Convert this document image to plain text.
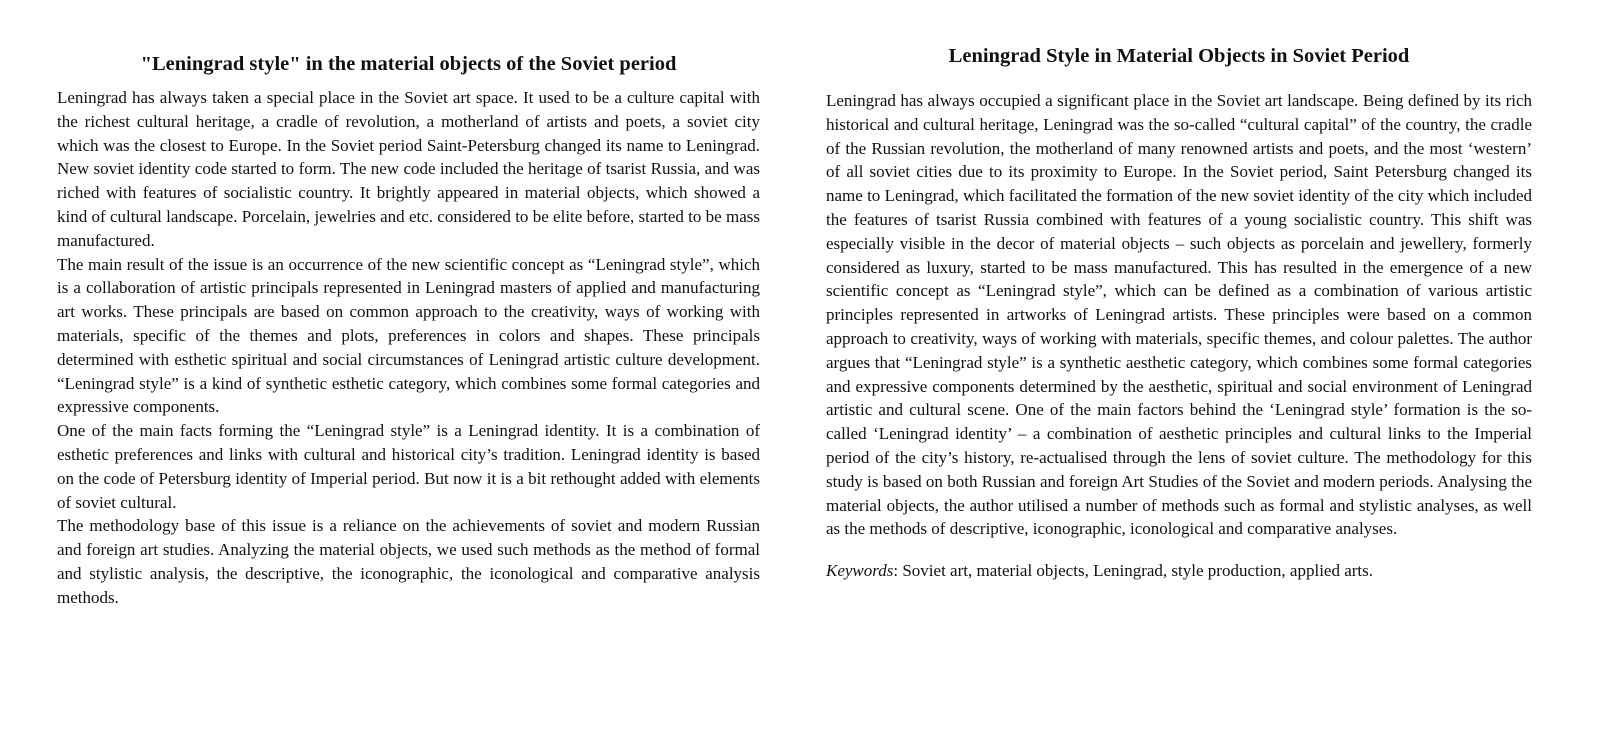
"Leningrad style" in the material objects of the Soviet period

Leningrad has always taken a special place in the Soviet art space. It used to be a culture capital with the richest cultural heritage, a cradle of revolution, a motherland of artists and poets, a soviet city which was the closest to Europe. In the Soviet period Saint-Petersburg changed its name to Leningrad. New soviet identity code started to form. The new code included the heritage of tsarist Russia, and was riched with features of socialistic country. It brightly appeared in material objects, which showed a kind of cultural landscape. Porcelain, jewelries and etc. considered to be elite before, started to be mass manufactured.

The main result of the issue is an occurrence of the new scientific concept as “Leningrad style”, which is a collaboration of artistic principals represented in Leningrad masters of applied and manufacturing art works. These principals are based on common approach to the creativity, ways of working with materials, specific of the themes and plots, preferences in colors and shapes. These principals determined with esthetic spiritual and social circumstances of Leningrad artistic culture development. “Leningrad style” is a kind of synthetic esthetic category, which combines some formal categories and expressive components.

One of the main facts forming the “Leningrad style” is a Leningrad identity. It is a combination of esthetic preferences and links with cultural and historical city’s tradition. Leningrad identity is based on the code of Petersburg identity of Imperial period. But now it is a bit rethought added with elements of soviet cultural.

The methodology base of this issue is a reliance on the achievements of soviet and modern Russian and foreign art studies. Analyzing the material objects, we used such methods as the method of formal and stylistic analysis, the descriptive, the iconographic, the iconological and comparative analysis methods.

Leningrad Style in Material Objects in Soviet Period

Leningrad has always occupied a significant place in the Soviet art landscape. Being defined by its rich historical and cultural heritage, Leningrad was the so-called “cultural capital” of the country, the cradle of the Russian revolution, the motherland of many renowned artists and poets, and the most ‘western’ of all soviet cities due to its proximity to Europe. In the Soviet period, Saint Petersburg changed its name to Leningrad, which facilitated the formation of the new soviet identity of the city which included the features of tsarist Russia combined with features of a young socialistic country. This shift was especially visible in the decor of material objects – such objects as porcelain and jewellery, formerly considered as luxury, started to be mass manufactured. This has resulted in the emergence of a new scientific concept as “Leningrad style”, which can be defined as a combination of various artistic principles represented in artworks of Leningrad artists. These principles were based on a common approach to creativity, ways of working with materials, specific themes, and colour palettes. The author argues that “Leningrad style” is a synthetic aesthetic category, which combines some formal categories and expressive components determined by the aesthetic, spiritual and social environment of Leningrad artistic and cultural scene. One of the main factors behind the ‘Leningrad style’ formation is the so-called ‘Leningrad identity’ – a combination of aesthetic principles and cultural links to the Imperial period of the city’s history, re-actualised through the lens of soviet culture. The methodology for this study is based on both Russian and foreign Art Studies of the Soviet and modern periods. Analysing the material objects, the author utilised a number of methods such as formal and stylistic analyses, as well as the methods of descriptive, iconographic, iconological and comparative analyses.

Keywords: Soviet art, material objects, Leningrad, style production, applied arts.
